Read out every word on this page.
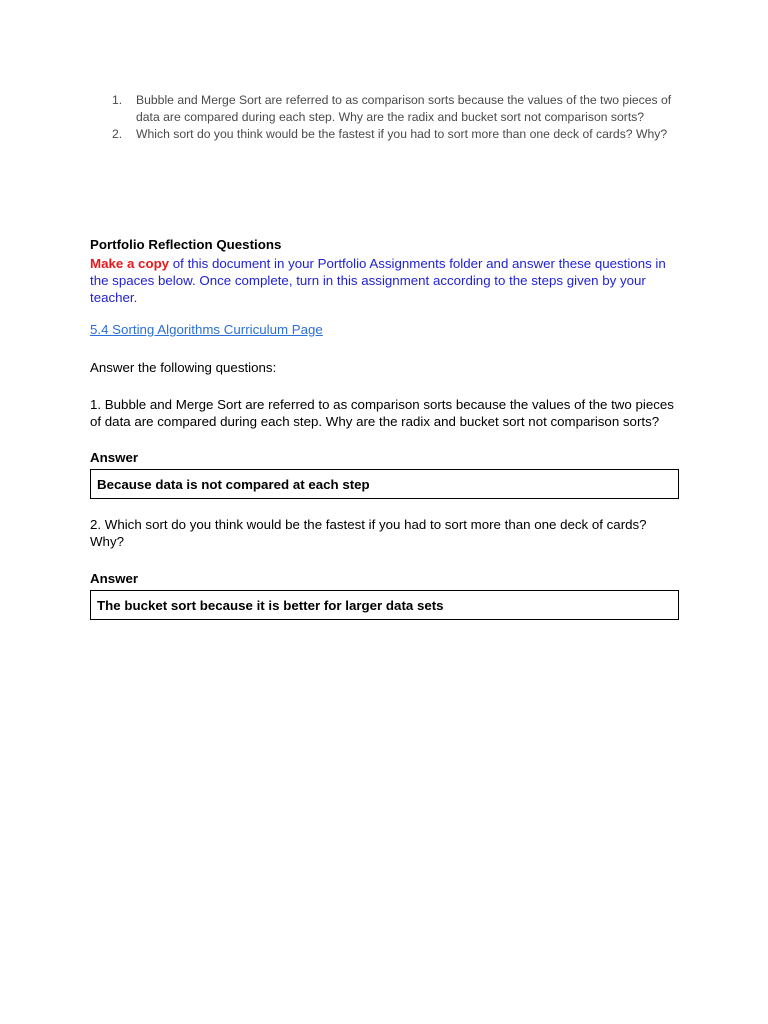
1. Bubble and Merge Sort are referred to as comparison sorts because the values of the two pieces of data are compared during each step. Why are the radix and bucket sort not comparison sorts?
2. Which sort do you think would be the fastest if you had to sort more than one deck of cards? Why?

Portfolio Reflection Questions

Make a copy of this document in your Portfolio Assignments folder and answer these questions in the spaces below. Once complete, turn in this assignment according to the steps given by your teacher.

5.4 Sorting Algorithms Curriculum Page

Answer the following questions:

1. Bubble and Merge Sort are referred to as comparison sorts because the values of the two pieces of data are compared during each step. Why are the radix and bucket sort not comparison sorts?

Answer

Because data is not compared at each step

2. Which sort do you think would be the fastest if you had to sort more than one deck of cards? Why?

Answer

The bucket sort because it is better for larger data sets
